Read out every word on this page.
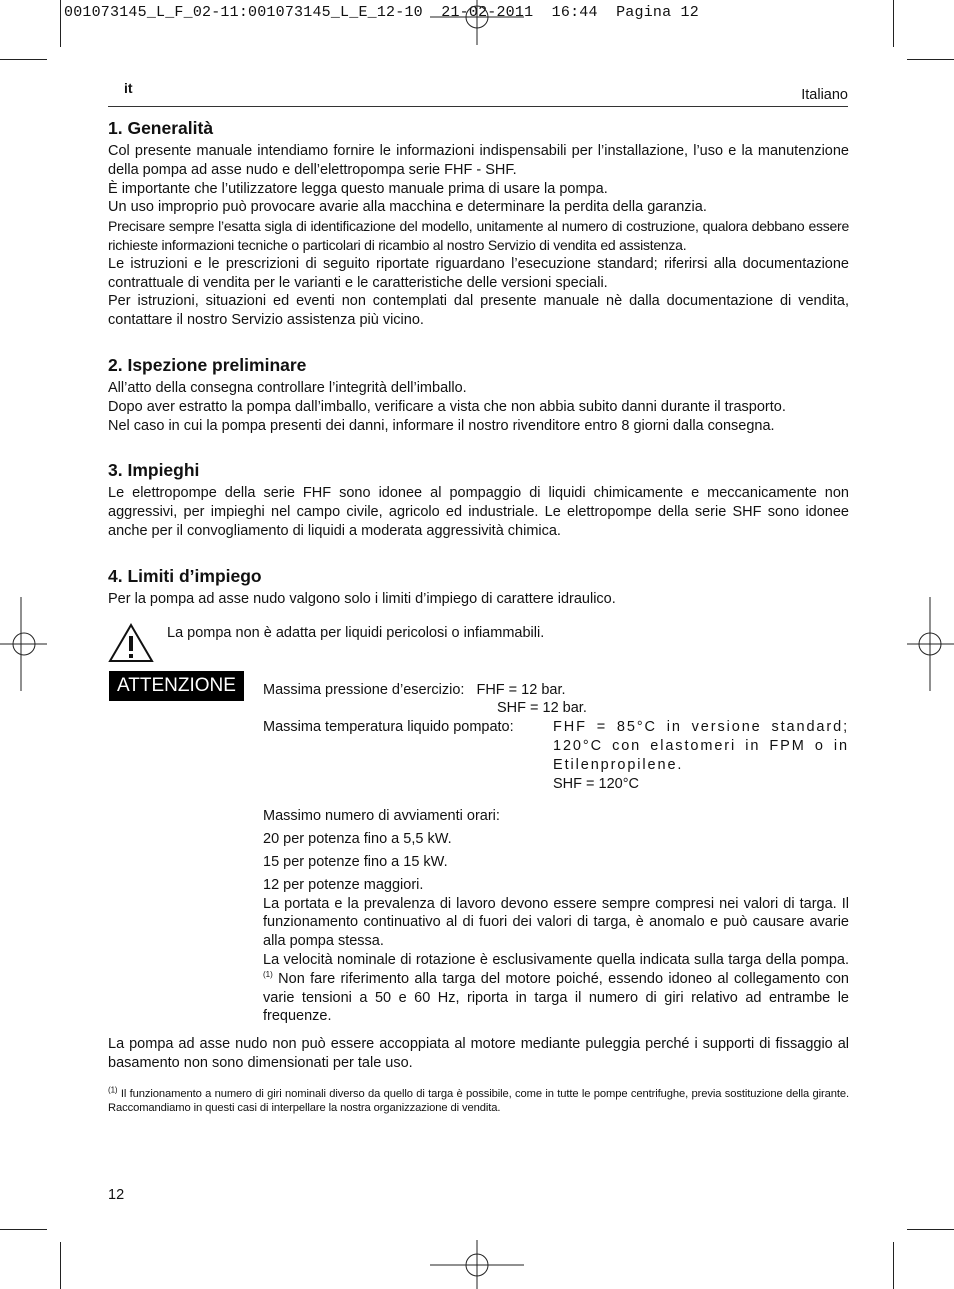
001073145_L_F_02-11:001073145_L_E_12-10  21-02-2011  16:44  Pagina 12
it	Italiano
1. Generalità

Col presente manuale intendiamo fornire le informazioni indispensabili per l’installazione, l’uso e la manutenzione della pompa ad asse nudo e dell’elettropompa serie FHF - SHF.

È importante che l’utilizzatore legga questo manuale prima di usare la pompa.

Un uso improprio può provocare avarie alla macchina e determinare la perdita della garanzia.

Precisare sempre l’esatta sigla di identificazione del modello, unitamente al numero di costruzione, qualora debbano essere richieste informazioni tecniche o particolari di ricambio al nostro Servizio di vendita ed assistenza.

Le istruzioni e le prescrizioni di seguito riportate riguardano l’esecuzione standard; riferirsi alla documentazione contrattuale di vendita per le varianti e le caratteristiche delle versioni speciali.

Per istruzioni, situazioni ed eventi non contemplati dal presente manuale nè dalla documentazione di vendita, contattare il nostro Servizio assistenza più vicino.

2. Ispezione preliminare

All’atto della consegna controllare l’integrità dell’imballo.

Dopo aver estratto la pompa dall’imballo, verificare a vista che non abbia subito danni durante il trasporto.

Nel caso in cui la pompa presenti dei danni, informare il nostro rivenditore entro 8 giorni dalla consegna.

3. Impieghi

Le elettropompe della serie FHF sono idonee al pompaggio di liquidi chimicamente e meccanicamente non aggressivi, per impieghi nel campo civile, agricolo ed industriale. Le elettropompe della serie SHF sono idonee anche per il convogliamento di liquidi a moderata aggressività chimica.

4. Limiti d’impiego

Per la pompa ad asse nudo valgono solo i limiti d’impiego di carattere idraulico.

La pompa non è adatta per liquidi pericolosi o infiammabili.
ATTENZIONE	Massima pressione d’esercizio: FHF = 12 bar.
SHF = 12 bar.
Massima temperatura liquido pompato:	FHF = 85°C in versione standard; 120°C con elastomeri in FPM o in Etilenpropilene.
SHF = 120°C
Massimo numero di avviamenti orari:
20 per potenza fino a 5,5 kW.
15 per potenze fino a 15 kW.
12 per potenze maggiori.

La portata e la prevalenza di lavoro devono essere sempre compresi nei valori di targa. Il funzionamento continuativo al di fuori dei valori di targa, è anomalo e può causare avarie alla pompa stessa.

La velocità nominale di rotazione è esclusivamente quella indicata sulla targa della pompa. $^{(1)}$ Non fare riferimento alla targa del motore poiché, essendo idoneo al collegamento con varie tensioni a 50 e 60 Hz, riporta in targa il numero di giri relativo ad entrambe le frequenze.

La pompa ad asse nudo non può essere accoppiata al motore mediante puleggia perché i supporti di fissaggio al basamento non sono dimensionati per tale uso.

$^{(1)}$ Il funzionamento a numero di giri nominali diverso da quello di targa è possibile, come in tutte le pompe centrifughe, previa sostituzione della girante. Raccomandiamo in questi casi di interpellare la nostra organizzazione di vendita.

12
